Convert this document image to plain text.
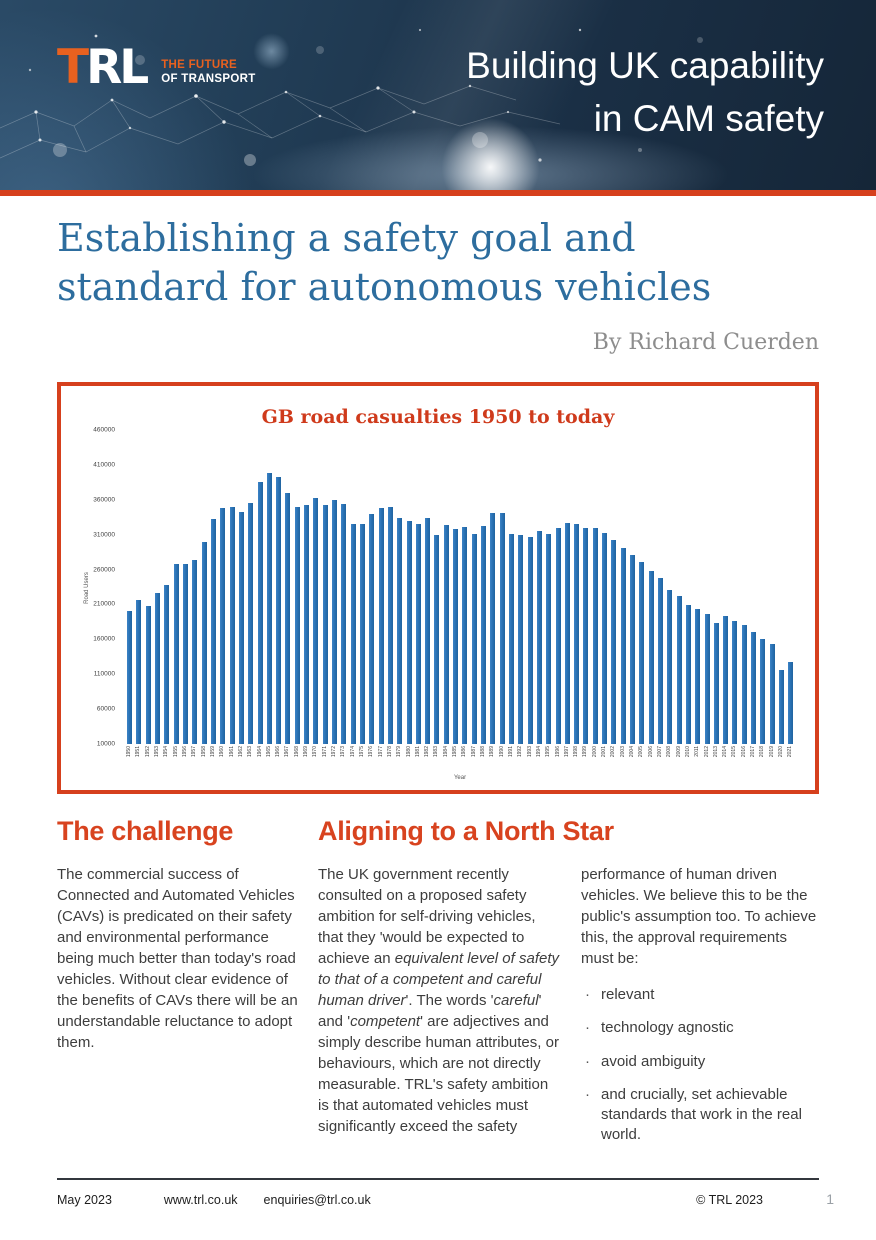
TRL THE FUTURE
OF TRANSPORT	Building UK capability
in CAM safety
Establishing a safety goal and
standard for autonomous vehicles
By Richard Cuerden
GB road casualties 1950 to today
Road Users
10000
60000
110000
160000
210000
260000
310000
360000
410000
460000
1950 1951 1952 1953 1954 1955 1956 1957 1958 1959 1960 1961 1962 1963 1964 1965 1966 1967 1968 1969 1970 1971 1972 1973 1974 1975 1976 1977 1978 1979 1980 1981 1982 1983 1984 1985 1986 1987 1988 1989 1990 1991 1992 1993 1994 1995 1996 1997 1998 1999 2000 2001 2002 2003 2004 2005 2006 2007 2008 2009 2010 2011 2012 2013 2014 2015 2016 2017 2018 2019 2020 2021
Year
The challenge	Aligning to a North Star
The commercial success of Connected and Automated Vehicles (CAVs) is predicated on their safety and environmental performance being much better than today's road vehicles. Without clear evidence of the benefits of CAVs there will be an understandable reluctance to adopt them.
The UK government recently consulted on a proposed safety ambition for self-driving vehicles, that they 'would be expected to achieve an equivalent level of safety to that of a competent and careful human driver'. The words 'careful' and 'competent' are adjectives and simply describe human attributes, or behaviours, which are not directly measurable. TRL's safety ambition is that automated vehicles must significantly exceed the safety
performance of human driven vehicles. We believe this to be the public's assumption too. To achieve this, the approval requirements must be:
· relevant
· technology agnostic
· avoid ambiguity
· and crucially, set achievable standards that work in the real world.
May 2023	www.trl.co.uk enquiries@trl.co.uk	© TRL 2023	1
